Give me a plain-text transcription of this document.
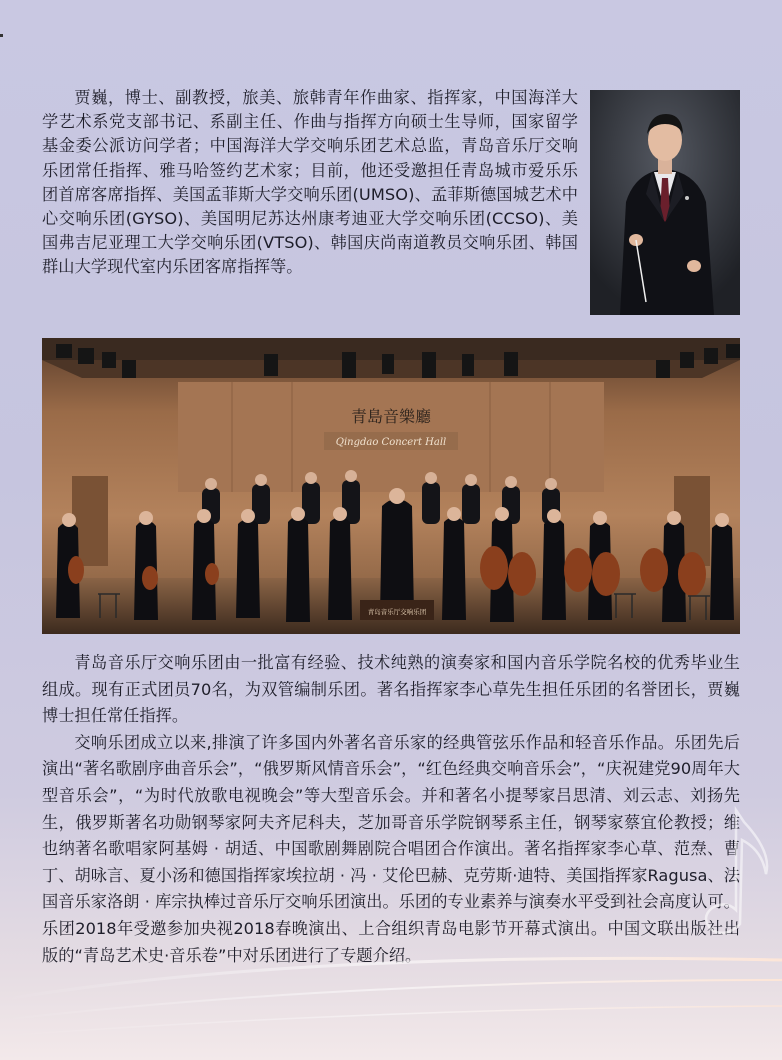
贾巍，博士、副教授，旅美、旅韩青年作曲家、指挥家，中国海洋大学艺术系党支部书记、系副主任、作曲与指挥方向硕士生导师，国家留学基金委公派访问学者；中国海洋大学交响乐团艺术总监，青岛音乐厅交响乐团常任指挥、雅马哈签约艺术家；目前，他还受邀担任青岛城市爱乐乐团首席客席指挥、美国孟菲斯大学交响乐团(UMSO)、孟菲斯德国城艺术中心交响乐团(GYSO)、美国明尼苏达州康考迪亚大学交响乐团(CCSO)、美国弗吉尼亚理工大学交响乐团(VTSO)、韩国庆尚南道教员交响乐团、韩国群山大学现代室内乐团客席指挥等。

青島音樂廳
Qingdao Concert Hall
青岛音乐厅交响乐团

青岛音乐厅交响乐团由一批富有经验、技术纯熟的演奏家和国内音乐学院名校的优秀毕业生组成。现有正式团员70名，为双管编制乐团。著名指挥家李心草先生担任乐团的名誉团长，贾巍博士担任常任指挥。

交响乐团成立以来,排演了许多国内外著名音乐家的经典管弦乐作品和轻音乐作品。乐团先后演出“著名歌剧序曲音乐会”，“俄罗斯风情音乐会”，“红色经典交响音乐会”，“庆祝建党90周年大型音乐会”，“为时代放歌电视晚会”等大型音乐会。并和著名小提琴家吕思清、刘云志、刘扬先生，俄罗斯著名功勋钢琴家阿夫齐尼科夫，芝加哥音乐学院钢琴系主任，钢琴家蔡宜伦教授；维也纳著名歌唱家阿基姆 · 胡适、中国歌剧舞剧院合唱团合作演出。著名指挥家李心草、范焘、曹丁、胡咏言、夏小汤和德国指挥家埃拉胡 · 冯 · 艾伦巴赫、克劳斯·迪特、美国指挥家Ragusa、法国音乐家洛朗 · 库宗执棒过音乐厅交响乐团演出。乐团的专业素养与演奏水平受到社会高度认可。乐团2018年受邀参加央视2018春晚演出、上合组织青岛电影节开幕式演出。中国文联出版社出版的“青岛艺术史·音乐卷”中对乐团进行了专题介绍。
